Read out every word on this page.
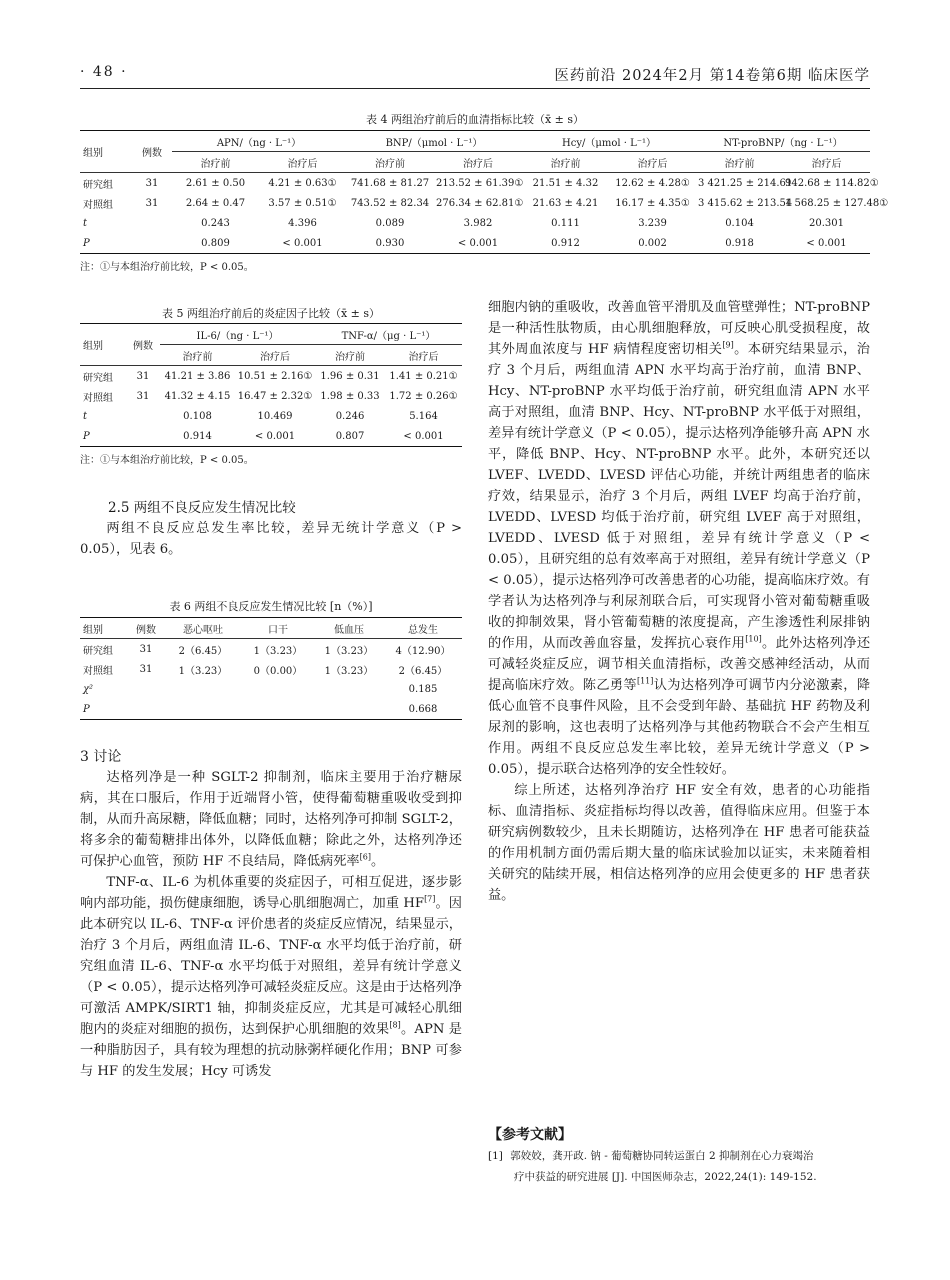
· 48 ·	医药前沿 2024年2月 第14卷第6期 临床医学
表 4 两组治疗前后的血清指标比较（x̄ ± s）
组别	例数	APN/（ng · L⁻¹）		BNP/（μmol · L⁻¹）		Hcy/（μmol · L⁻¹）		NT-proBNP/（ng · L⁻¹）	
		治疗前	治疗后	治疗前	治疗后	治疗前	治疗后	治疗前	治疗后
研究组	31	2.61 ± 0.50	4.21 ± 0.63①	741.68 ± 81.27	213.52 ± 61.39①	21.51 ± 4.32	12.62 ± 4.28①	3 421.25 ± 214.61	942.68 ± 114.82①
对照组	31	2.64 ± 0.47	3.57 ± 0.51①	743.52 ± 82.34	276.34 ± 62.81①	21.63 ± 4.21	16.17 ± 4.35①	3 415.62 ± 213.54	1 568.25 ± 127.48①
t		0.243	4.396	0.089	3.982	0.111	3.239	0.104	20.301
P		0.809	< 0.001	0.930	< 0.001	0.912	0.002	0.918	< 0.001
注：①与本组治疗前比较，P < 0.05。
表 5 两组治疗前后的炎症因子比较（x̄ ± s）
组别	例数	IL-6/（ng · L⁻¹）		TNF-α/（μg · L⁻¹）	
		治疗前	治疗后	治疗前	治疗后
研究组	31	41.21 ± 3.86	10.51 ± 2.16①	1.96 ± 0.31	1.41 ± 0.21①
对照组	31	41.32 ± 4.15	16.47 ± 2.32①	1.98 ± 0.33	1.72 ± 0.26①
t		0.108	10.469	0.246	5.164
P		0.914	< 0.001	0.807	< 0.001
注：①与本组治疗前比较，P < 0.05。
2.5 两组不良反应发生情况比较

两组不良反应总发生率比较，差异无统计学意义（P > 0.05），见表 6。

表 6 两组不良反应发生情况比较 [n（%）]
组别	例数	恶心呕吐	口干	低血压	总发生
研究组	31	2（6.45）	1（3.23）	1（3.23）	4（12.90）
对照组	31	1（3.23）	0（0.00）	1（3.23）	2（6.45）
χ²					0.185
P					0.668
3 讨论

达格列净是一种 SGLT-2 抑制剂，临床主要用于治疗糖尿病，其在口服后，作用于近端肾小管，使得葡萄糖重吸收受到抑制，从而升高尿糖，降低血糖；同时，达格列净可抑制 SGLT-2，将多余的葡萄糖排出体外，以降低血糖；除此之外，达格列净还可保护心血管，预防 HF 不良结局，降低病死率[6]。

TNF-α、IL-6 为机体重要的炎症因子，可相互促进，逐步影响内部功能，损伤健康细胞，诱导心肌细胞凋亡，加重 HF[7]。因此本研究以 IL-6、TNF-α 评价患者的炎症反应情况，结果显示，治疗 3 个月后，两组血清 IL-6、TNF-α 水平均低于治疗前，研究组血清 IL-6、TNF-α 水平均低于对照组，差异有统计学意义（P < 0.05），提示达格列净可减轻炎症反应。这是由于达格列净可激活 AMPK/SIRT1 轴，抑制炎症反应，尤其是可减轻心肌细胞内的炎症对细胞的损伤，达到保护心肌细胞的效果[8]。APN 是一种脂肪因子，具有较为理想的抗动脉粥样硬化作用；BNP 可参与 HF 的发生发展；Hcy 可诱发

细胞内钠的重吸收，改善血管平滑肌及血管壁弹性；NT-proBNP 是一种活性肽物质，由心肌细胞释放，可反映心肌受损程度，故其外周血浓度与 HF 病情程度密切相关[9]。本研究结果显示，治疗 3 个月后，两组血清 APN 水平均高于治疗前，血清 BNP、Hcy、NT-proBNP 水平均低于治疗前，研究组血清 APN 水平高于对照组，血清 BNP、Hcy、NT-proBNP 水平低于对照组，差异有统计学意义（P < 0.05），提示达格列净能够升高 APN 水平，降低 BNP、Hcy、NT-proBNP 水平。此外，本研究还以 LVEF、LVEDD、LVESD 评估心功能，并统计两组患者的临床疗效，结果显示，治疗 3 个月后，两组 LVEF 均高于治疗前，LVEDD、LVESD 均低于治疗前，研究组 LVEF 高于对照组，LVEDD、LVESD 低于对照组，差异有统计学意义（P < 0.05），且研究组的总有效率高于对照组，差异有统计学意义（P < 0.05），提示达格列净可改善患者的心功能，提高临床疗效。有学者认为达格列净与利尿剂联合后，可实现肾小管对葡萄糖重吸收的抑制效果，肾小管葡萄糖的浓度提高，产生渗透性利尿排钠的作用，从而改善血容量，发挥抗心衰作用[10]。此外达格列净还可减轻炎症反应，调节相关血清指标，改善交感神经活动，从而提高临床疗效。陈乙勇等[11]认为达格列净可调节内分泌激素，降低心血管不良事件风险，且不会受到年龄、基础抗 HF 药物及利尿剂的影响，这也表明了达格列净与其他药物联合不会产生相互作用。两组不良反应总发生率比较，差异无统计学意义（P > 0.05），提示联合达格列净的安全性较好。

综上所述，达格列净治疗 HF 安全有效，患者的心功能指标、血清指标、炎症指标均得以改善，值得临床应用。但鉴于本研究病例数较少，且未长期随访，达格列净在 HF 患者可能获益的作用机制方面仍需后期大量的临床试验加以证实，未来随着相关研究的陆续开展，相信达格列净的应用会使更多的 HF 患者获益。

【参考文献】
[1] 郭姣姣，龚开政. 钠 - 葡萄糖协同转运蛋白 2 抑制剂在心力衰竭治
疗中获益的研究进展 [J]. 中国医师杂志，2022,24(1): 149-152.
